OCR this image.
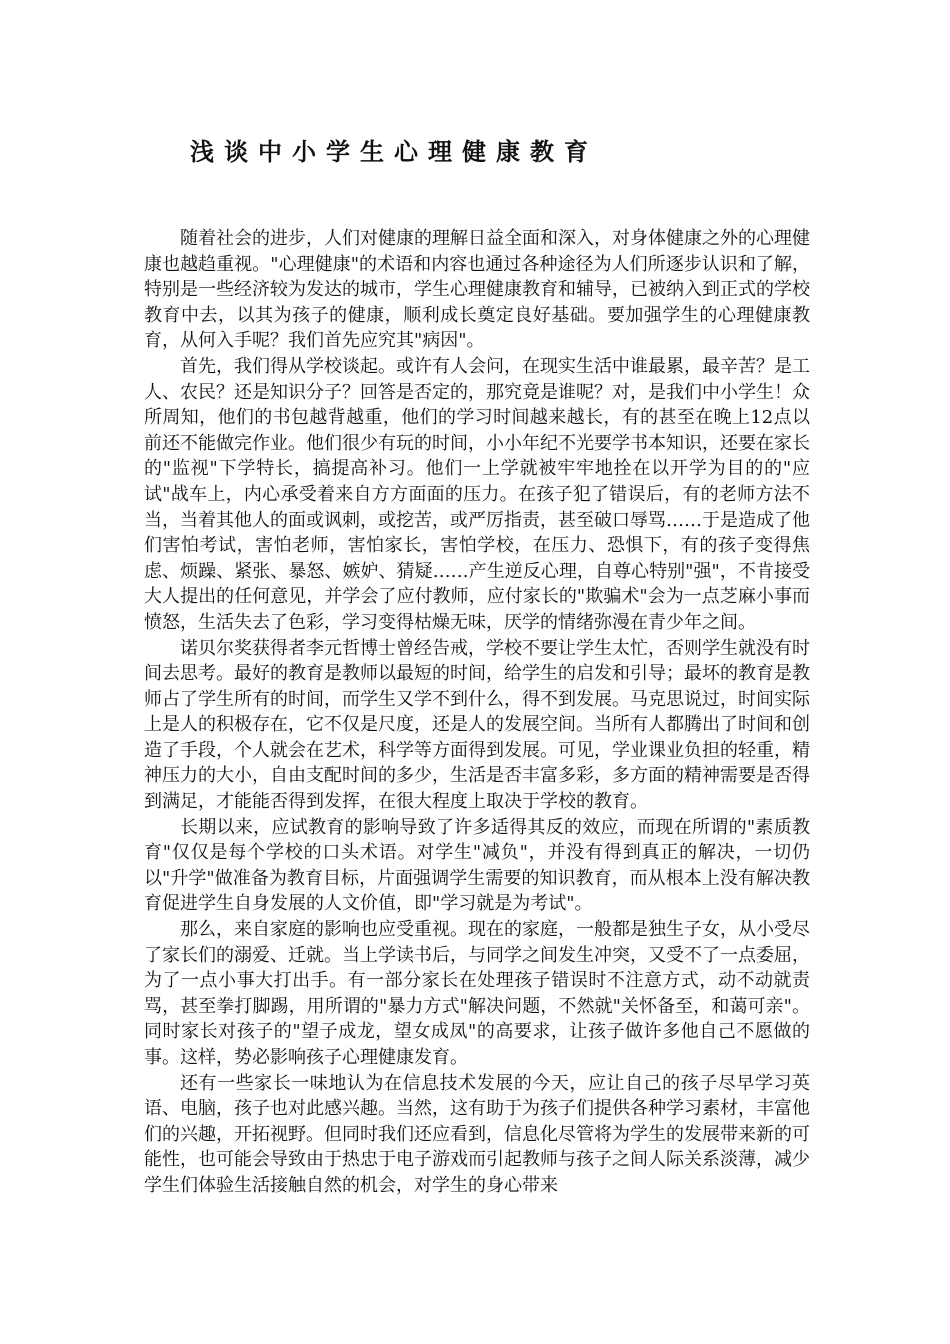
浅谈中小学生心理健康教育

随着社会的进步，人们对健康的理解日益全面和深入，对身体健康之外的心理健康也越趋重视。"心理健康"的术语和内容也通过各种途径为人们所逐步认识和了解，特别是一些经济较为发达的城市，学生心理健康教育和辅导，已被纳入到正式的学校教育中去，以其为孩子的健康，顺利成长奠定良好基础。要加强学生的心理健康教育，从何入手呢？我们首先应究其"病因"。

首先，我们得从学校谈起。或许有人会问，在现实生活中谁最累，最辛苦？是工人、农民？还是知识分子？回答是否定的，那究竟是谁呢？对，是我们中小学生！众所周知，他们的书包越背越重，他们的学习时间越来越长，有的甚至在晚上12点以前还不能做完作业。他们很少有玩的时间，小小年纪不光要学书本知识，还要在家长的"监视"下学特长，搞提高补习。他们一上学就被牢牢地拴在以开学为目的的"应试"战车上，内心承受着来自方方面面的压力。在孩子犯了错误后，有的老师方法不当，当着其他人的面或讽刺，或挖苦，或严厉指责，甚至破口辱骂……于是造成了他们害怕考试，害怕老师，害怕家长，害怕学校，在压力、恐惧下，有的孩子变得焦虑、烦躁、紧张、暴怒、嫉妒、猜疑……产生逆反心理，自尊心特别"强"，不肯接受大人提出的任何意见，并学会了应付教师，应付家长的"欺骗术"会为一点芝麻小事而愤怒，生活失去了色彩，学习变得枯燥无味，厌学的情绪弥漫在青少年之间。

诺贝尔奖获得者李元哲博士曾经告戒，学校不要让学生太忙，否则学生就没有时间去思考。最好的教育是教师以最短的时间，给学生的启发和引导；最坏的教育是教师占了学生所有的时间，而学生又学不到什么，得不到发展。马克思说过，时间实际上是人的积极存在，它不仅是尺度，还是人的发展空间。当所有人都腾出了时间和创造了手段，个人就会在艺术，科学等方面得到发展。可见，学业课业负担的轻重，精神压力的大小，自由支配时间的多少，生活是否丰富多彩，多方面的精神需要是否得到满足，才能能否得到发挥，在很大程度上取决于学校的教育。

长期以来，应试教育的影响导致了许多适得其反的效应，而现在所谓的"素质教育"仅仅是每个学校的口头术语。对学生"减负"，并没有得到真正的解决，一切仍以"升学"做准备为教育目标，片面强调学生需要的知识教育，而从根本上没有解决教育促进学生自身发展的人文价值，即"学习就是为考试"。

那么，来自家庭的影响也应受重视。现在的家庭，一般都是独生子女，从小受尽了家长们的溺爱、迁就。当上学读书后，与同学之间发生冲突，又受不了一点委屈，为了一点小事大打出手。有一部分家长在处理孩子错误时不注意方式，动不动就责骂，甚至拳打脚踢，用所谓的"暴力方式"解决问题，不然就"关怀备至，和蔼可亲"。同时家长对孩子的"望子成龙，望女成凤"的高要求，让孩子做许多他自己不愿做的事。这样，势必影响孩子心理健康发育。

还有一些家长一味地认为在信息技术发展的今天，应让自己的孩子尽早学习英语、电脑，孩子也对此感兴趣。当然，这有助于为孩子们提供各种学习素材，丰富他们的兴趣，开拓视野。但同时我们还应看到，信息化尽管将为学生的发展带来新的可能性，也可能会导致由于热忠于电子游戏而引起教师与孩子之间人际关系淡薄，减少学生们体验生活接触自然的机会，对学生的身心带来
